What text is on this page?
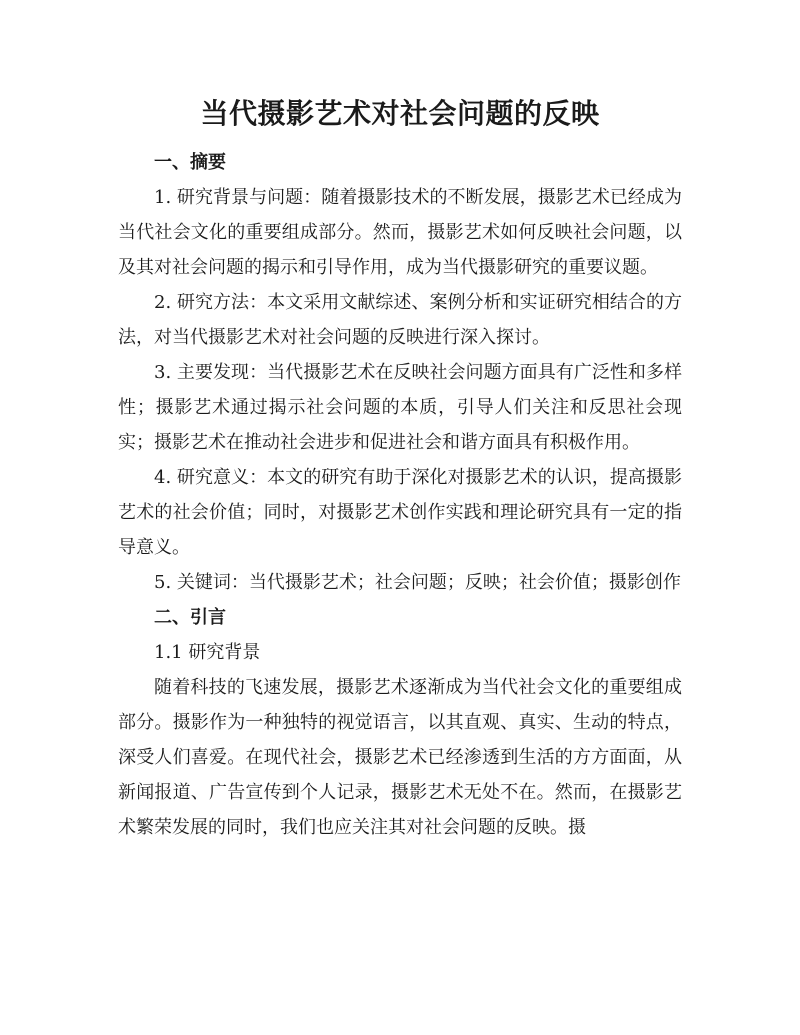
当代摄影艺术对社会问题的反映

一、摘要

1. 研究背景与问题：随着摄影技术的不断发展，摄影艺术已经成为当代社会文化的重要组成部分。然而，摄影艺术如何反映社会问题，以及其对社会问题的揭示和引导作用，成为当代摄影研究的重要议题。

2. 研究方法：本文采用文献综述、案例分析和实证研究相结合的方法，对当代摄影艺术对社会问题的反映进行深入探讨。

3. 主要发现：当代摄影艺术在反映社会问题方面具有广泛性和多样性；摄影艺术通过揭示社会问题的本质，引导人们关注和反思社会现实；摄影艺术在推动社会进步和促进社会和谐方面具有积极作用。

4. 研究意义：本文的研究有助于深化对摄影艺术的认识，提高摄影艺术的社会价值；同时，对摄影艺术创作实践和理论研究具有一定的指导意义。

5. 关键词：当代摄影艺术；社会问题；反映；社会价值；摄影创作

二、引言

1.1 研究背景

随着科技的飞速发展，摄影艺术逐渐成为当代社会文化的重要组成部分。摄影作为一种独特的视觉语言，以其直观、真实、生动的特点，深受人们喜爱。在现代社会，摄影艺术已经渗透到生活的方方面面，从新闻报道、广告宣传到个人记录，摄影艺术无处不在。然而，在摄影艺术繁荣发展的同时，我们也应关注其对社会问题的反映。摄
